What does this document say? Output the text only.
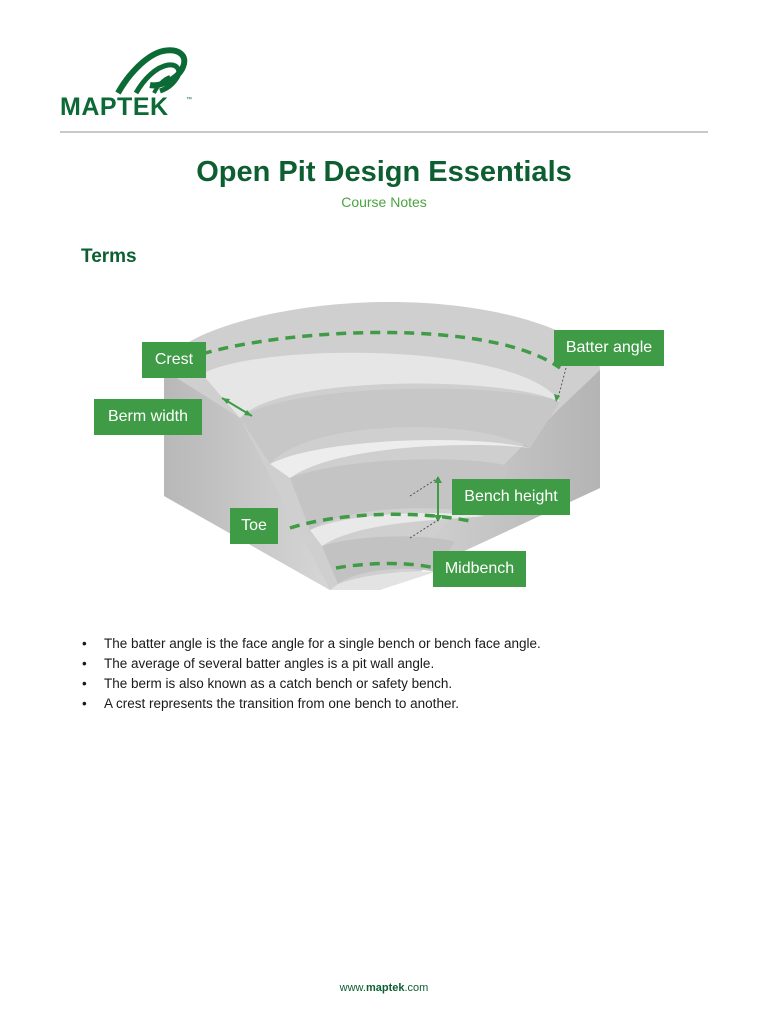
MAPTEK	™
Open Pit Design Essentials
Course Notes
Terms
Crest
Berm width
Toe
Batter angle
Bench height
Midbench
• The batter angle is the face angle for a single bench or bench face angle.
• The average of several batter angles is a pit wall angle.
• The berm is also known as a catch bench or safety bench.
• A crest represents the transition from one bench to another.
www.maptek.com
